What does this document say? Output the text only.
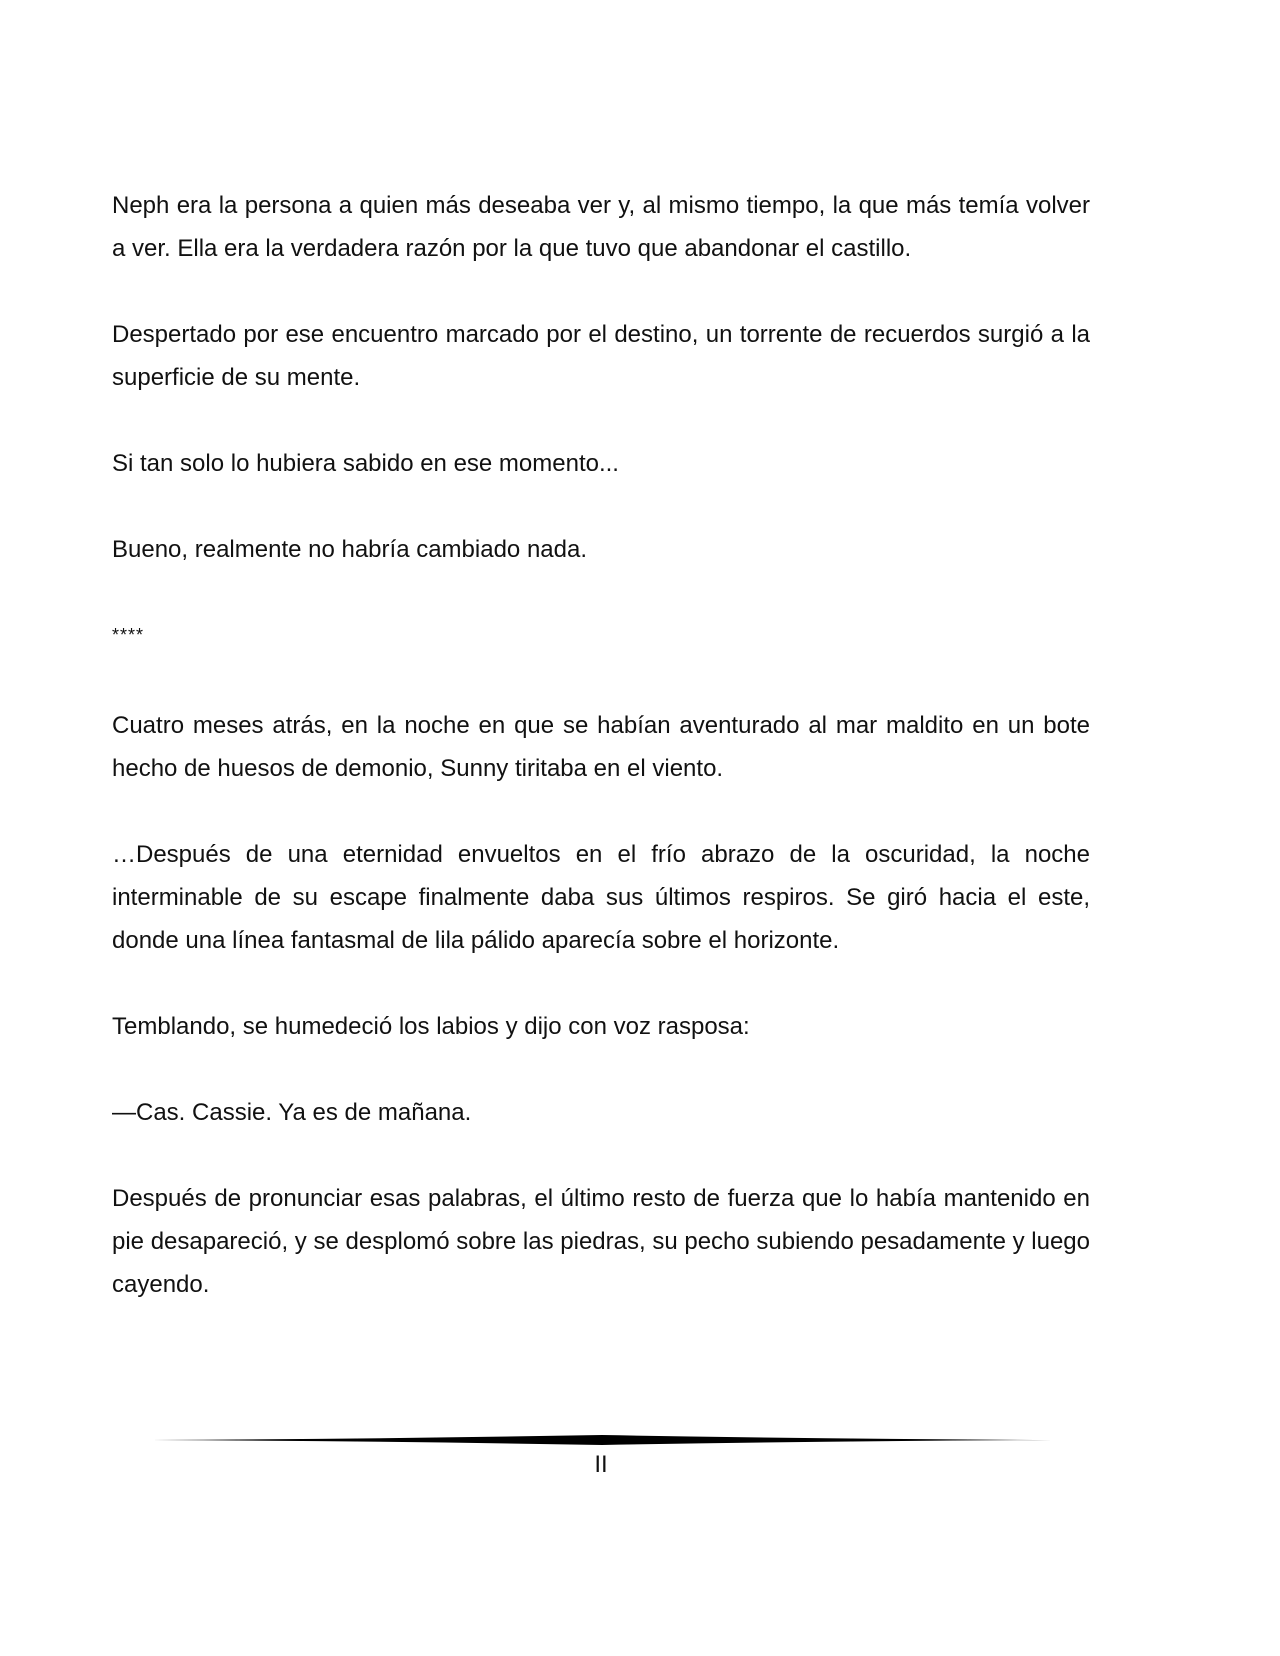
Neph era la persona a quien más deseaba ver y, al mismo tiempo, la que más temía volver a ver. Ella era la verdadera razón por la que tuvo que abandonar el castillo.

Despertado por ese encuentro marcado por el destino, un torrente de recuerdos surgió a la superficie de su mente.

Si tan solo lo hubiera sabido en ese momento...

Bueno, realmente no habría cambiado nada.

****

Cuatro meses atrás, en la noche en que se habían aventurado al mar maldito en un bote hecho de huesos de demonio, Sunny tiritaba en el viento.

…Después de una eternidad envueltos en el frío abrazo de la oscuridad, la noche interminable de su escape finalmente daba sus últimos respiros. Se giró hacia el este, donde una línea fantasmal de lila pálido aparecía sobre el horizonte.

Temblando, se humedeció los labios y dijo con voz rasposa:

—Cas. Cassie. Ya es de mañana.

Después de pronunciar esas palabras, el último resto de fuerza que lo había mantenido en pie desapareció, y se desplomó sobre las piedras, su pecho subiendo pesadamente y luego cayendo.

II
